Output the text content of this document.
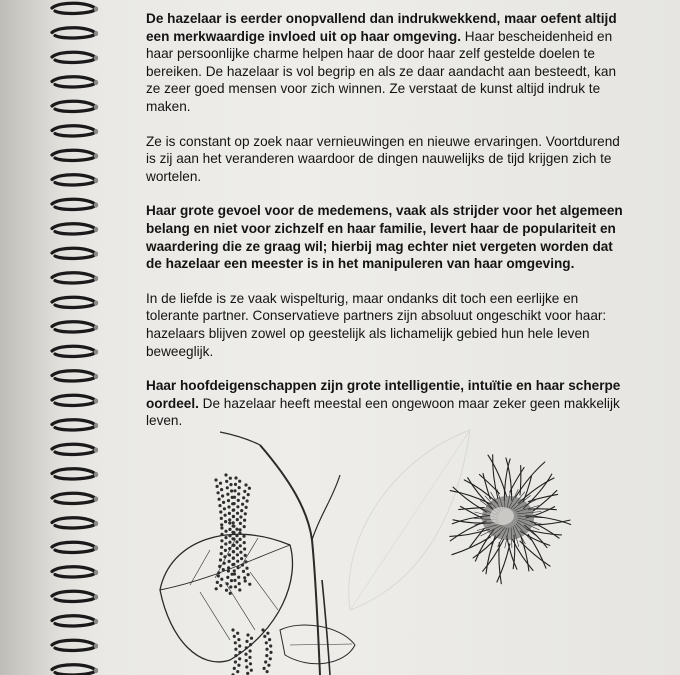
De hazelaar is eerder onopvallend dan indrukwekkend, maar oefent altijd een merkwaardige invloed uit op haar omgeving. Haar bescheidenheid en haar persoonlijke charme helpen haar de door haar zelf gestelde doelen te bereiken. De hazelaar is vol begrip en als ze daar aandacht aan besteedt, kan ze zeer goed mensen voor zich winnen. Ze verstaat de kunst altijd indruk te maken.

Ze is constant op zoek naar vernieuwingen en nieuwe ervaringen. Voortdurend is zij aan het veranderen waardoor de dingen nauwelijks de tijd krijgen zich te wortelen.

Haar grote gevoel voor de medemens, vaak als strijder voor het algemeen belang en niet voor zichzelf en haar familie, levert haar de populariteit en waardering die ze graag wil; hierbij mag echter niet vergeten worden dat de hazelaar een meester is in het manipuleren van haar omgeving.

In de liefde is ze vaak wispelturig, maar ondanks dit toch een eerlijke en tolerante partner. Conservatieve partners zijn absoluut ongeschikt voor haar: hazelaars blijven zowel op geestelijk als lichamelijk gebied hun hele leven beweeglijk.

Haar hoofdeigenschappen zijn grote intelligentie, intuïtie en haar scherpe oordeel. De hazelaar heeft meestal een ongewoon maar zeker geen makkelijk leven.
